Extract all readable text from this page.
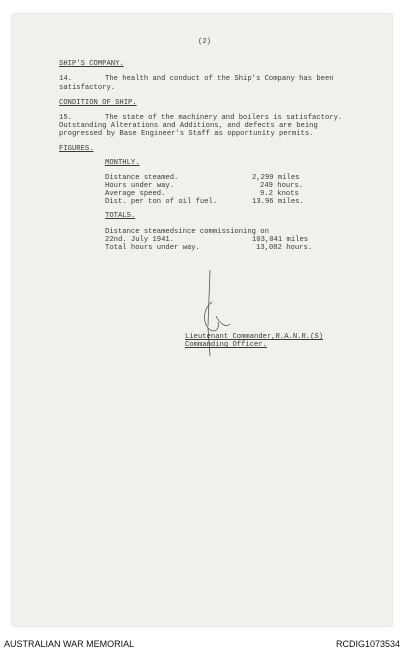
(2)
SHIP'S COMPANY.
14.	The health and conduct of the Ship's Company has been
satisfactory.
CONDITION OF SHIP.
15.	The state of the machinery and boilers is satisfactory.
Outstanding Alterations and Additions, and defects are being
progressed by Base Engineer's Staff as opportunity permits.
FIGURES.
MONTHLY.
Distance steamed.	2,299 miles
Hours under way.	249 hours.
Average speed.	9.2 knots
Dist. per ton of oil fuel.	13.96 miles.
TOTALS.
Distance steamedsince commissioning on
22nd. July 1941.	103,041 miles
Total hours under way.	13,082 hours.
Lieutenant Commander,R.A.N.R.(S)
Commanding Officer.
AUSTRALIAN WAR MEMORIAL	RCDIG1073534
